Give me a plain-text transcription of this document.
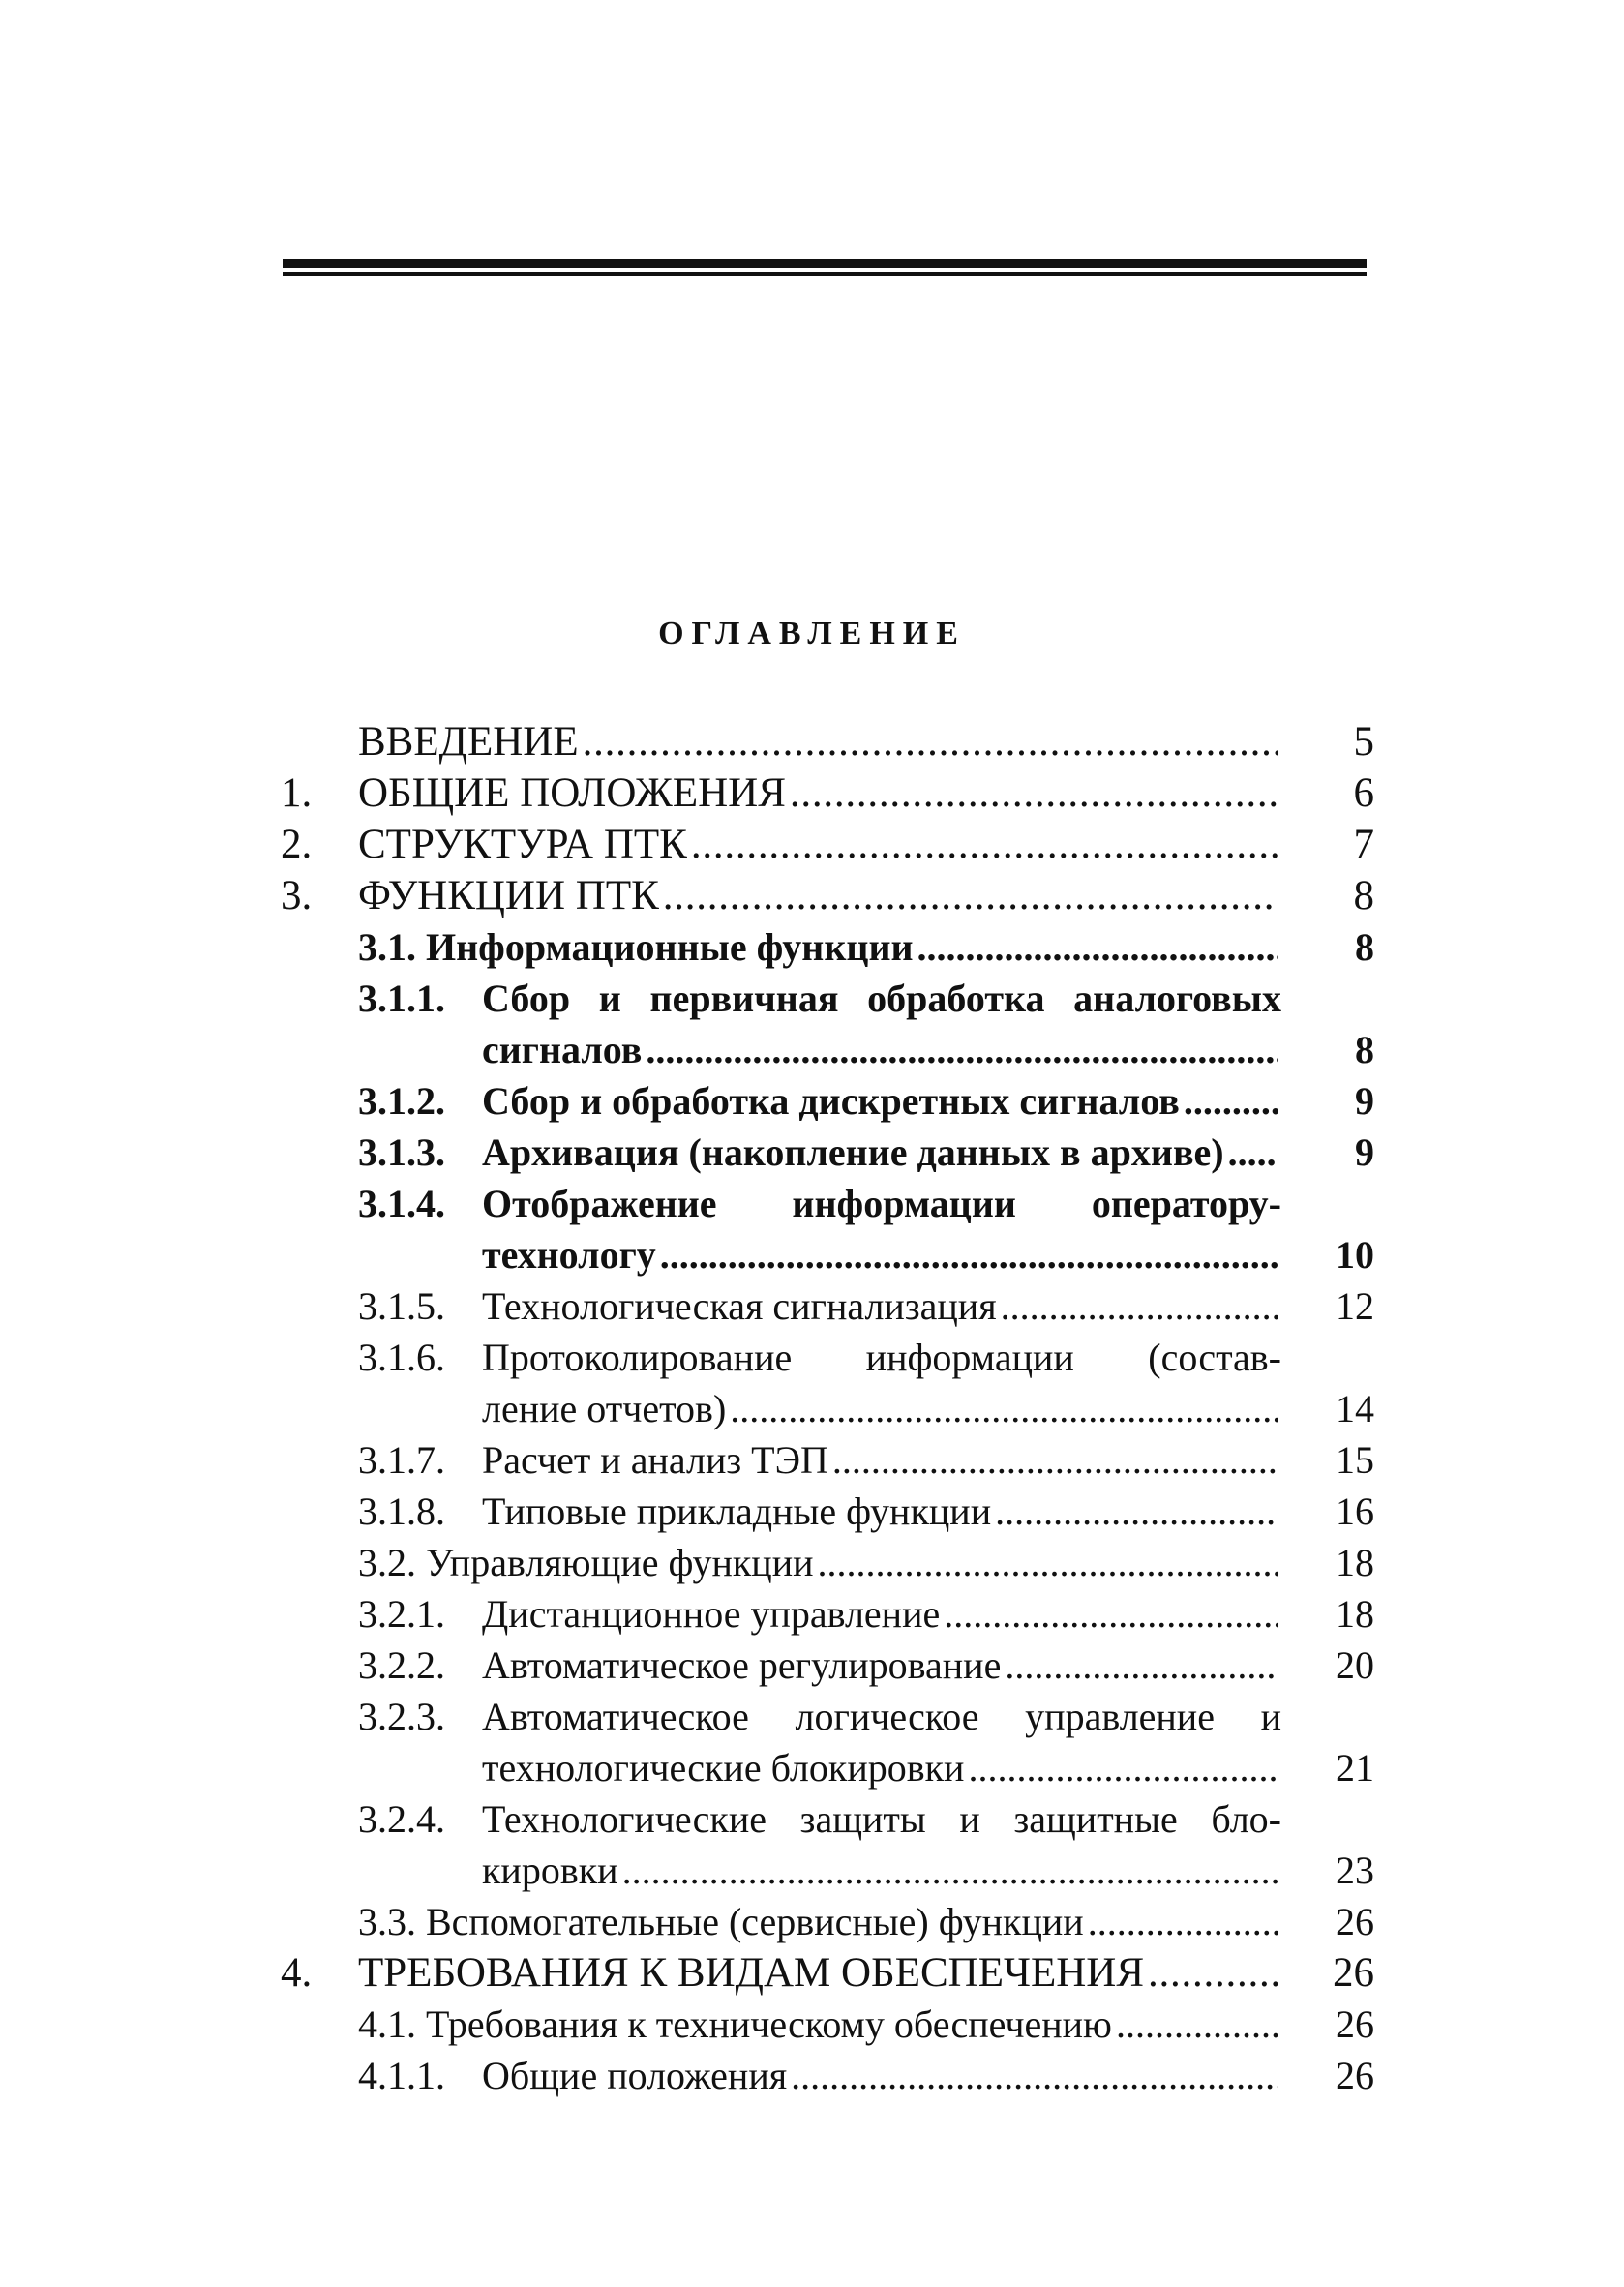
ОГЛАВЛЕНИЕ
ВВЕДЕНИЕ . . .	5
1. ОБЩИЕ ПОЛОЖЕНИЯ . . .	6
2. СТРУКТУРА ПТК . . .	7
3. ФУНКЦИИ ПТК . . .	8
3.1. Информационные функции . . .	8
3.1.1. Сбор и первичная обработка аналоговых
сигналов . . .	8
3.1.2. Сбор и обработка дискретных сигналов . . .	9
3.1.3. Архивация (накопление данных в архиве) . . .	9
3.1.4. Отображение информации оператору-
технологу . . .	10
3.1.5. Технологическая сигнализация . . .	12
3.1.6. Протоколирование информации (состав-
ление отчетов) . . .	14
3.1.7. Расчет и анализ ТЭП . . .	15
3.1.8. Типовые прикладные функции . . .	16
3.2. Управляющие функции . . .	18
3.2.1. Дистанционное управление . . .	18
3.2.2. Автоматическое регулирование . . .	20
3.2.3. Автоматическое логическое управление и
технологические блокировки . . .	21
3.2.4. Технологические защиты и защитные бло-
кировки . . .	23
3.3. Вспомогательные (сервисные) функции . . .	26
4. ТРЕБОВАНИЯ К ВИДАМ ОБЕСПЕЧЕНИЯ . . .	26
4.1. Требования к техническому обеспечению . . .	26
4.1.1. Общие положения . . .	26
